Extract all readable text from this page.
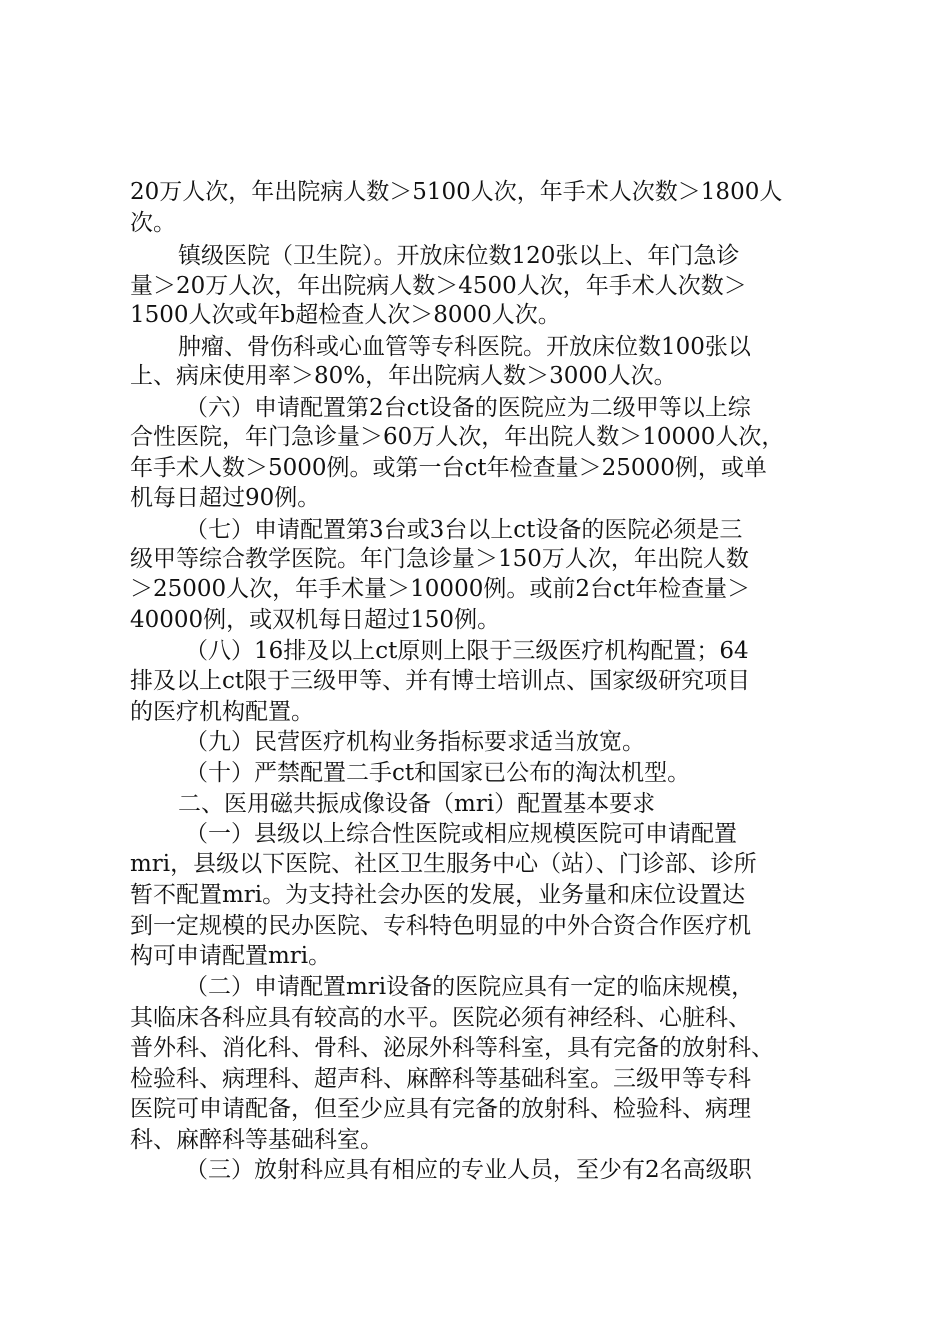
20万人次，年出院病人数＞5100人次，年手术人次数＞1800人
次。
镇级医院（卫生院）。开放床位数120张以上、年门急诊
量＞20万人次，年出院病人数＞4500人次，年手术人次数＞
1500人次或年b超检查人次＞8000人次。
肿瘤、骨伤科或心血管等专科医院。开放床位数100张以
上、病床使用率＞80%，年出院病人数＞3000人次。
（六）申请配置第2台ct设备的医院应为二级甲等以上综
合性医院，年门急诊量＞60万人次，年出院人数＞10000人次，
年手术人数＞5000例。或第一台ct年检查量＞25000例，或单
机每日超过90例。
（七）申请配置第3台或3台以上ct设备的医院必须是三
级甲等综合教学医院。年门急诊量＞150万人次，年出院人数
＞25000人次，年手术量＞10000例。或前2台ct年检查量＞
40000例，或双机每日超过150例。
（八）16排及以上ct原则上限于三级医疗机构配置；64
排及以上ct限于三级甲等、并有博士培训点、国家级研究项目
的医疗机构配置。
（九）民营医疗机构业务指标要求适当放宽。
（十）严禁配置二手ct和国家已公布的淘汰机型。
二、医用磁共振成像设备（mri）配置基本要求
（一）县级以上综合性医院或相应规模医院可申请配置
mri，县级以下医院、社区卫生服务中心（站）、门诊部、诊所
暂不配置mri。为支持社会办医的发展，业务量和床位设置达
到一定规模的民办医院、专科特色明显的中外合资合作医疗机
构可申请配置mri。
（二）申请配置mri设备的医院应具有一定的临床规模，
其临床各科应具有较高的水平。医院必须有神经科、心脏科、
普外科、消化科、骨科、泌尿外科等科室，具有完备的放射科、
检验科、病理科、超声科、麻醉科等基础科室。三级甲等专科
医院可申请配备，但至少应具有完备的放射科、检验科、病理
科、麻醉科等基础科室。
（三）放射科应具有相应的专业人员，至少有2名高级职
